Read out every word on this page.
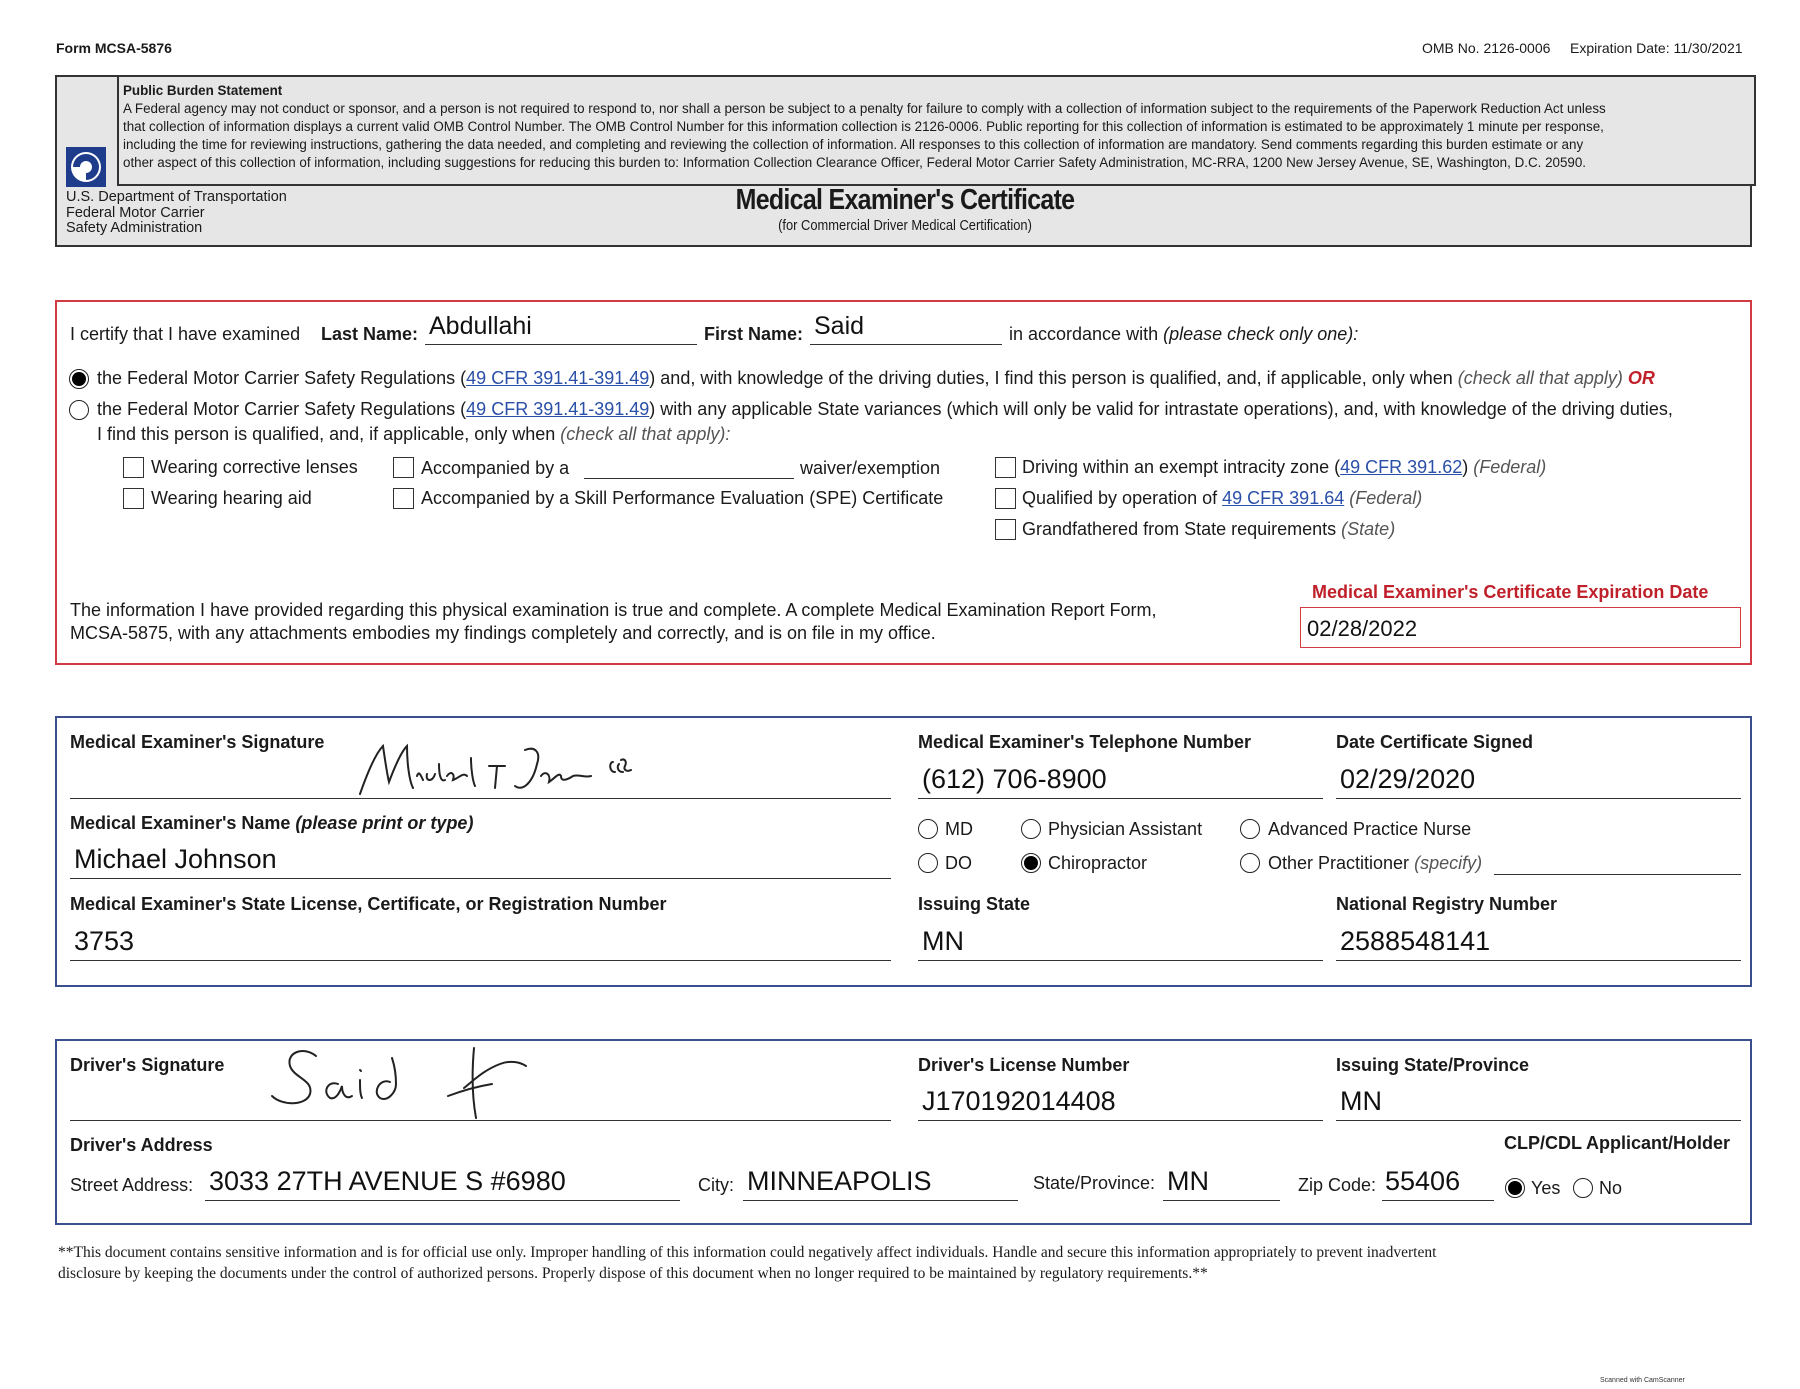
Form MCSA-5876	OMB No. 2126-0006 Expiration Date: 11/30/2021
Public Burden Statement
A Federal agency may not conduct or sponsor, and a person is not required to respond to, nor shall a person be subject to a penalty for failure to comply with a collection of information subject to the requirements of the Paperwork Reduction Act unless
that collection of information displays a current valid OMB Control Number. The OMB Control Number for this information collection is 2126-0006. Public reporting for this collection of information is estimated to be approximately 1 minute per response,
including the time for reviewing instructions, gathering the data needed, and completing and reviewing the collection of information. All responses to this collection of information are mandatory. Send comments regarding this burden estimate or any
other aspect of this collection of information, including suggestions for reducing this burden to: Information Collection Clearance Officer, Federal Motor Carrier Safety Administration, MC-RRA, 1200 New Jersey Avenue, SE, Washington, D.C. 20590.
U.S. Department of Transportation
Federal Motor Carrier
Safety Administration
Medical Examiner's Certificate
(for Commercial Driver Medical Certification)
I certify that I have examined Last Name: Abdullahi	First Name: Said	in accordance with (please check only one):
the Federal Motor Carrier Safety Regulations (49 CFR 391.41-391.49) and, with knowledge of the driving duties, I find this person is qualified, and, if applicable, only when (check all that apply) OR
the Federal Motor Carrier Safety Regulations (49 CFR 391.41-391.49) with any applicable State variances (which will only be valid for intrastate operations), and, with knowledge of the driving duties,
I find this person is qualified, and, if applicable, only when (check all that apply):
Wearing corrective lenses
Wearing hearing aid
Accompanied by a	waiver/exemption
Accompanied by a Skill Performance Evaluation (SPE) Certificate
Driving within an exempt intracity zone (49 CFR 391.62) (Federal)
Qualified by operation of 49 CFR 391.64 (Federal)
Grandfathered from State requirements (State)
The information I have provided regarding this physical examination is true and complete. A complete Medical Examination Report Form,
MCSA-5875, with any attachments embodies my findings completely and correctly, and is on file in my office.
Medical Examiner's Certificate Expiration Date
02/28/2022
Medical Examiner's Signature	Medical Examiner's Telephone Number
(612) 706-8900
Date Certificate Signed
02/29/2020
Medical Examiner's Name (please print or type)
Michael Johnson
MD	Physician Assistant	Advanced Practice Nurse
DO	Chiropractor	Other Practitioner (specify)
Medical Examiner's State License, Certificate, or Registration Number
3753
Issuing State
MN
National Registry Number
2588548141
Driver's Signature	Driver's License Number
J170192014408
Issuing State/Province
MN
Driver's Address	CLP/CDL Applicant/Holder
Street Address: 3033 27TH AVENUE S #6980	City: MINNEAPOLIS	State/Province: MN	Zip Code: 55406	Yes No
**This document contains sensitive information and is for official use only. Improper handling of this information could negatively affect individuals. Handle and secure this information appropriately to prevent inadvertent
disclosure by keeping the documents under the control of authorized persons. Properly dispose of this document when no longer required to be maintained by regulatory requirements.**
Scanned with CamScanner
